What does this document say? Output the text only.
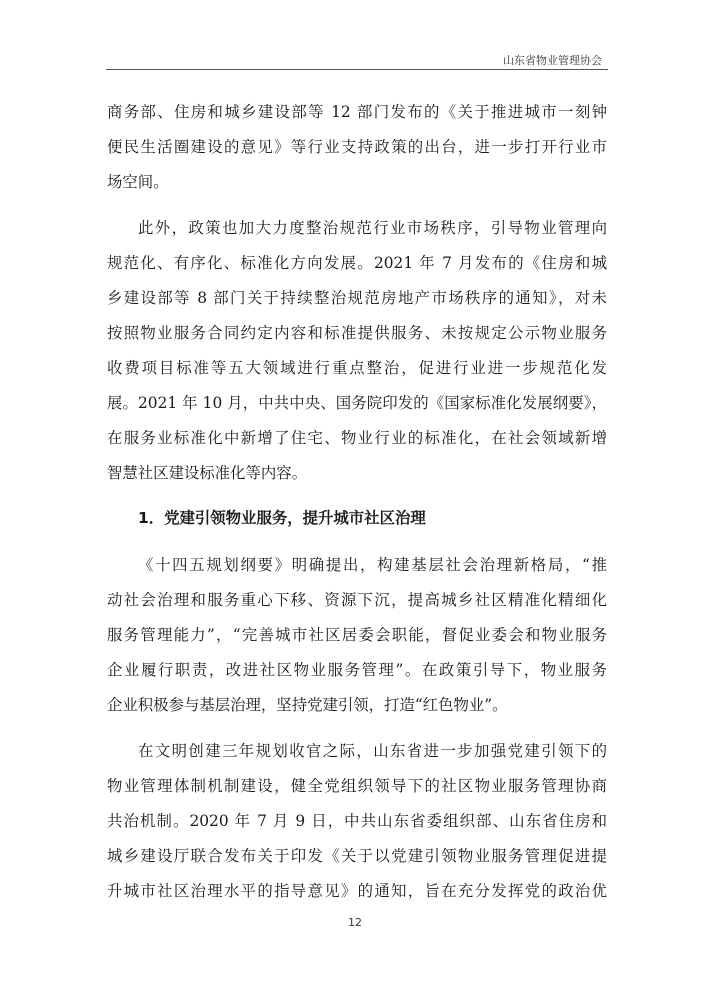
山东省物业管理协会
商务部、住房和城乡建设部等 12 部门发布的《关于推进城市一刻钟
便民生活圈建设的意见》等行业支持政策的出台，进一步打开行业市
场空间。
此外，政策也加大力度整治规范行业市场秩序，引导物业管理向
规范化、有序化、标准化方向发展。2021 年 7 月发布的《住房和城
乡建设部等 8 部门关于持续整治规范房地产市场秩序的通知》，对未
按照物业服务合同约定内容和标准提供服务、未按规定公示物业服务
收费项目标准等五大领域进行重点整治，促进行业进一步规范化发
展。2021 年 10 月，中共中央、国务院印发的《国家标准化发展纲要》，
在服务业标准化中新增了住宅、物业行业的标准化，在社会领域新增
智慧社区建设标准化等内容。
1．党建引领物业服务，提升城市社区治理
《十四五规划纲要》明确提出，构建基层社会治理新格局，“推
动社会治理和服务重心下移、资源下沉，提高城乡社区精准化精细化
服务管理能力”，“完善城市社区居委会职能，督促业委会和物业服务
企业履行职责，改进社区物业服务管理”。在政策引导下，物业服务
企业积极参与基层治理，坚持党建引领，打造“红色物业”。
在文明创建三年规划收官之际，山东省进一步加强党建引领下的
物业管理体制机制建设，健全党组织领导下的社区物业服务管理协商
共治机制。2020 年 7 月 9 日，中共山东省委组织部、山东省住房和
城乡建设厅联合发布关于印发《关于以党建引领物业服务管理促进提
升城市社区治理水平的指导意见》的通知，旨在充分发挥党的政治优
12
